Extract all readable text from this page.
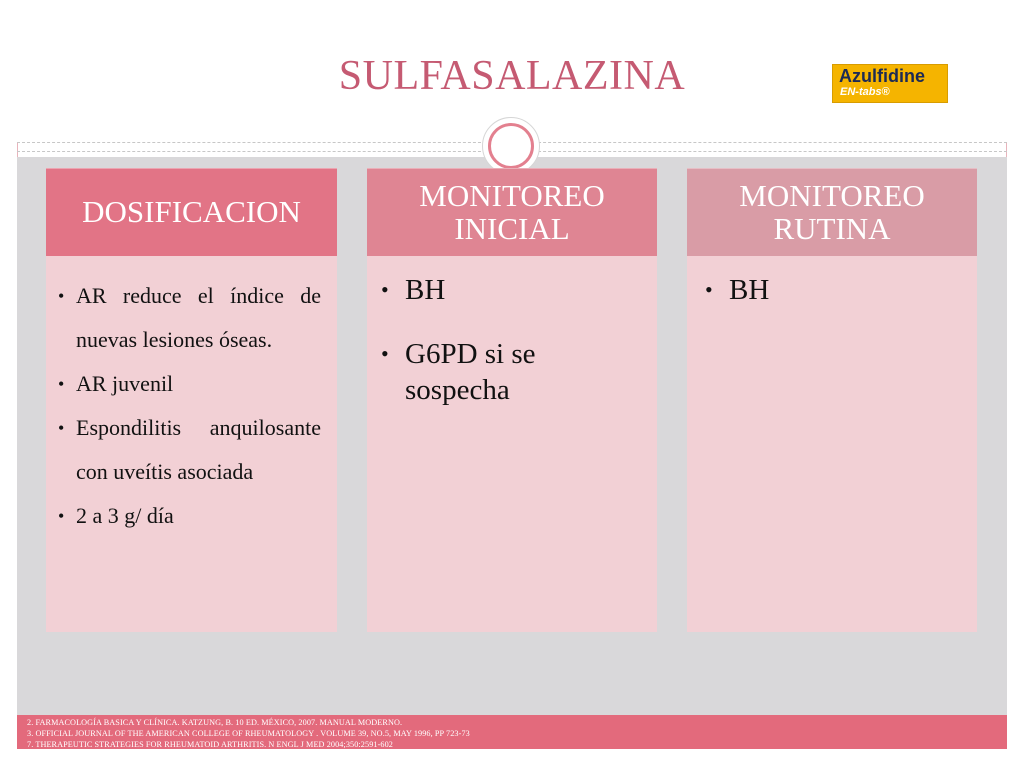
SULFASALAZINA	Azulfidine
EN-tabs®
DOSIFICACION
• AR reduce el índice de nuevas lesiones óseas.
• AR juvenil
• Espondilitis anquilosante con uveítis asociada
• 2 a 3 g/ día
MONITOREO INICIAL
• BH
• G6PD si se sospecha
MONITOREO RUTINA
• BH
2. FARMACOLOGÍA BASICA Y CLÍNICA. KATZUNG, B. 10 ED. MÉXICO, 2007. MANUAL MODERNO.
3. OFFICIAL JOURNAL OF THE AMERICAN COLLEGE OF RHEUMATOLOGY . VOLUME 39, NO.5, MAY 1996, PP 723-73
7. THERAPEUTIC STRATEGIES FOR RHEUMATOID ARTHRITIS. N ENGL J MED 2004;350:2591-602
